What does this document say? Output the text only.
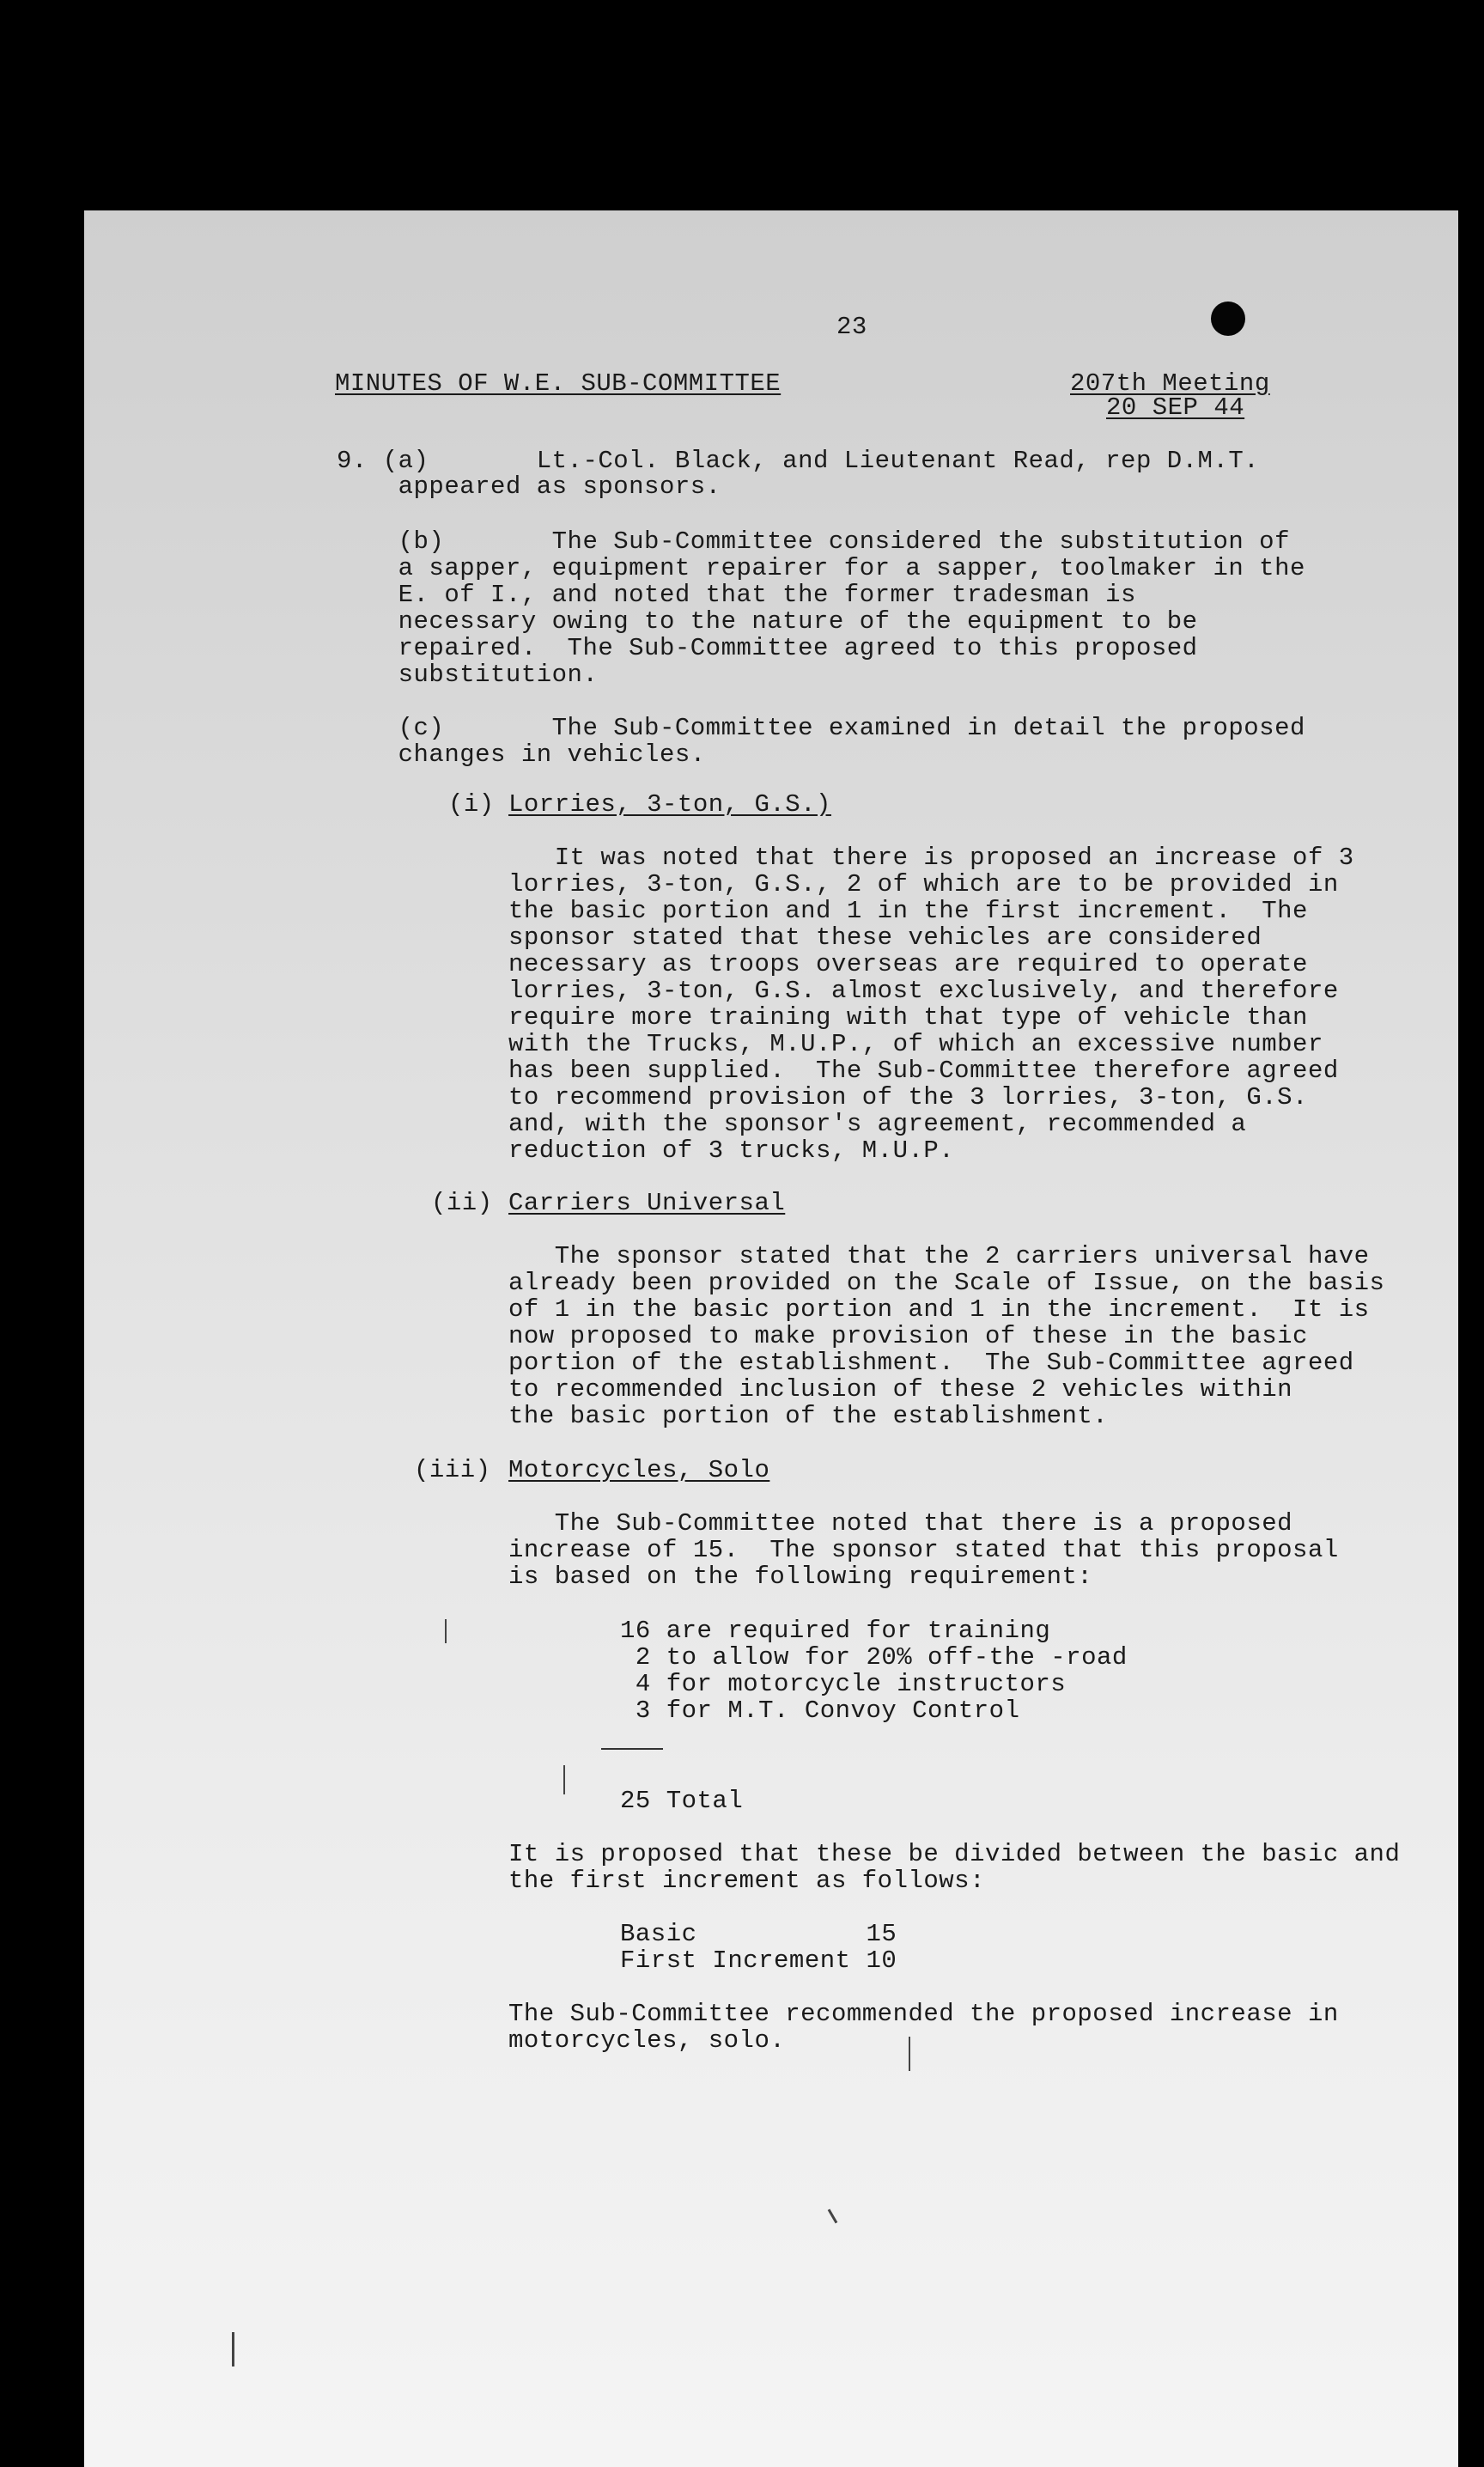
23
MINUTES OF W.E. SUB-COMMITTEE	207th Meeting
20 SEP 44
9. (a)       Lt.-Col. Black, and Lieutenant Read, rep D.M.T.
appeared as sponsors.
(b)       The Sub-Committee considered the substitution of
a sapper, equipment repairer for a sapper, toolmaker in the
E. of I., and noted that the former tradesman is
necessary owing to the nature of the equipment to be
repaired.  The Sub-Committee agreed to this proposed
substitution.
(c)       The Sub-Committee examined in detail the proposed
changes in vehicles.
(i) Lorries, 3-ton, G.S.)
It was noted that there is proposed an increase of 3
lorries, 3-ton, G.S., 2 of which are to be provided in
the basic portion and 1 in the first increment.  The
sponsor stated that these vehicles are considered
necessary as troops overseas are required to operate
lorries, 3-ton, G.S. almost exclusively, and therefore
require more training with that type of vehicle than
with the Trucks, M.U.P., of which an excessive number
has been supplied.  The Sub-Committee therefore agreed
to recommend provision of the 3 lorries, 3-ton, G.S.
and, with the sponsor's agreement, recommended a
reduction of 3 trucks, M.U.P.
(ii) Carriers Universal
The sponsor stated that the 2 carriers universal have
already been provided on the Scale of Issue, on the basis
of 1 in the basic portion and 1 in the increment.  It is
now proposed to make provision of these in the basic
portion of the establishment.  The Sub-Committee agreed
to recommended inclusion of these 2 vehicles within
the basic portion of the establishment.
(iii) Motorcycles, Solo
The Sub-Committee noted that there is a proposed
increase of 15.  The sponsor stated that this proposal
is based on the following requirement:
16 are required for training
2 to allow for 20% off-the -road
4 for motorcycle instructors
3 for M.T. Convoy Control
25 Total
It is proposed that these be divided between the basic and
the first increment as follows:
Basic           15
First Increment 10
The Sub-Committee recommended the proposed increase in
motorcycles, solo.
